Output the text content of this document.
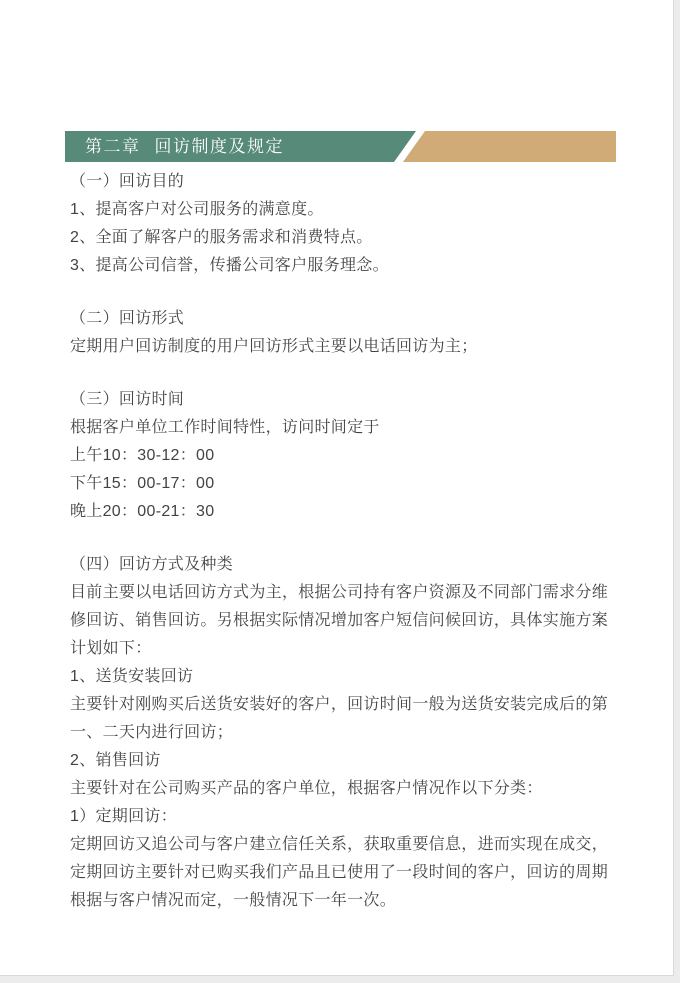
第二章 回访制度及规定

（一）回访目的

1、提高客户对公司服务的满意度。

2、全面了解客户的服务需求和消费特点。

3、提高公司信誉，传播公司客户服务理念。

（二）回访形式

定期用户回访制度的用户回访形式主要以电话回访为主；

（三）回访时间

根据客户单位工作时间特性，访问时间定于

上午10：30-12：00

下午15：00-17：00

晚上20：00-21：30

（四）回访方式及种类

目前主要以电话回访方式为主，根据公司持有客户资源及不同部门需求分维修回访、销售回访。另根据实际情况增加客户短信问候回访，具体实施方案计划如下：

1、送货安装回访

主要针对刚购买后送货安装好的客户，回访时间一般为送货安装完成后的第一、二天内进行回访；

2、销售回访

主要针对在公司购买产品的客户单位，根据客户情况作以下分类：

1）定期回访：

定期回访又追公司与客户建立信任关系，获取重要信息，进而实现在成交，定期回访主要针对已购买我们产品且已使用了一段时间的客户，回访的周期根据与客户情况而定，一般情况下一年一次。
